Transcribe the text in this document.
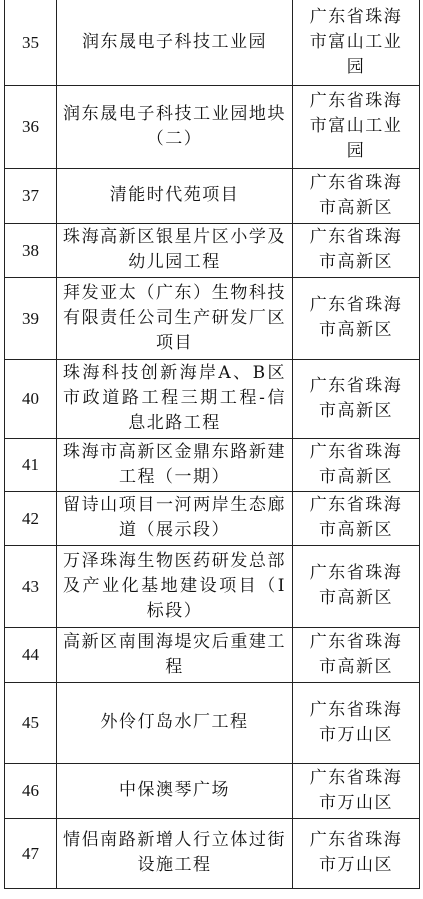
35	润东晟电子科技工业园	广东省珠海市富山工业园
36	润东晟电子科技工业园地块（二）	广东省珠海市富山工业园
37	清能时代苑项目	广东省珠海市高新区
38	珠海高新区银星片区小学及幼儿园工程	广东省珠海市高新区
39	拜发亚太（广东）生物科技有限责任公司生产研发厂区项目	广东省珠海市高新区
40	珠海科技创新海岸A、B区市政道路工程三期工程-信息北路工程	广东省珠海市高新区
41	珠海市高新区金鼎东路新建工程（一期）	广东省珠海市高新区
42	留诗山项目一河两岸生态廊道（展示段）	广东省珠海市高新区
43	万泽珠海生物医药研发总部及产业化基地建设项目（Ⅰ标段）	广东省珠海市高新区
44	高新区南围海堤灾后重建工程	广东省珠海市高新区
45	外伶仃岛水厂工程	广东省珠海市万山区
46	中保澳琴广场	广东省珠海市万山区
47	情侣南路新增人行立体过街设施工程	广东省珠海市万山区
